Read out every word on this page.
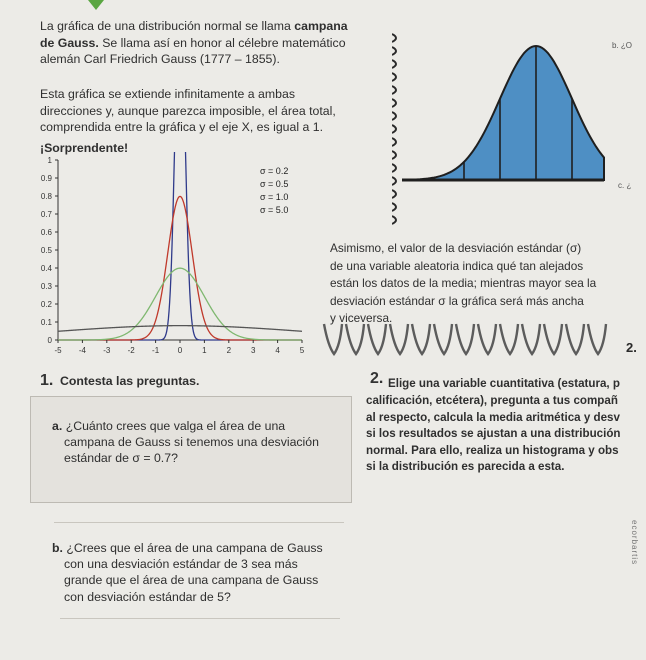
La gráfica de una distribución normal se llama campana
de Gauss. Se llama así en honor al célebre matemático
alemán Carl Friedrich Gauss (1777 – 1855).
Esta gráfica se extiende infinitamente a ambas
direcciones y, aunque parezca imposible, el área total,
comprendida entre la gráfica y el eje X, es igual a 1.
¡Sorprendente!
-5 -4 -3 -2 -1 0 1 2 3 4 5
0
0.1
0.2
0.3
0.4
0.5
0.6
0.7
0.8
0.9
1
σ = 0.2
σ = 0.5
σ = 1.0
σ = 5.0
b. ¿O
c. ¿
Asimismo, el valor de la desviación estándar (σ)
de una variable aleatoria indica qué tan alejados
están los datos de la media; mientras mayor sea la
desviación estándar σ la gráfica será más ancha
y viceversa.
2.
1. Contesta las preguntas.
a. ¿Cuánto crees que valga el área de una
campana de Gauss si tenemos una desviación
estándar de σ = 0.7?
b. ¿Crees que el área de una campana de Gauss
con una desviación estándar de 3 sea más
grande que el área de una campana de Gauss
con desviación estándar de 5?
2. Elige una variable cuantitativa (estatura, p
calificación, etcétera), pregunta a tus compañ
al respecto, calcula la media aritmética y desv
si los resultados se ajustan a una distribución
normal. Para ello, realiza un histograma y obs
si la distribución es parecida a esta.
ecorbartis
